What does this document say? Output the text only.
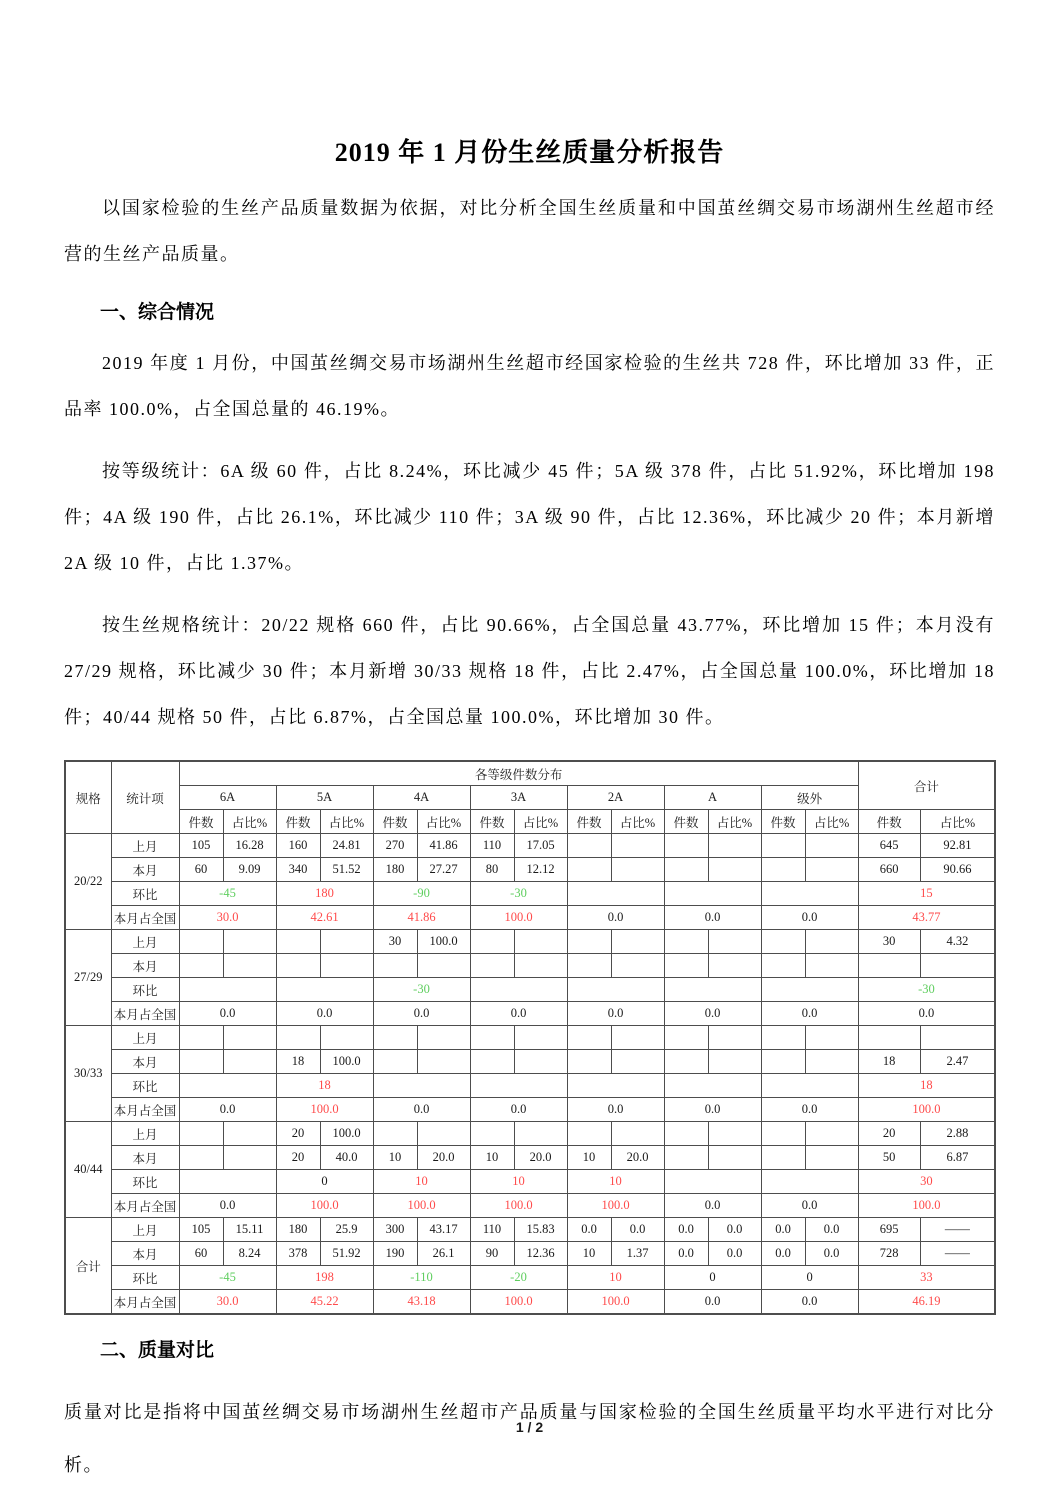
2019 年 1 月份生丝质量分析报告

以国家检验的生丝产品质量数据为依据，对比分析全国生丝质量和中国茧丝绸交易市场湖州生丝超市经营的生丝产品质量。

一、综合情况

2019 年度 1 月份，中国茧丝绸交易市场湖州生丝超市经国家检验的生丝共 728 件，环比增加 33 件，正品率 100.0%，占全国总量的 46.19%。

按等级统计：6A 级 60 件，占比 8.24%，环比减少 45 件；5A 级 378 件，占比 51.92%，环比增加 198 件；4A 级 190 件，占比 26.1%，环比减少 110 件；3A 级 90 件，占比 12.36%，环比减少 20 件；本月新增 2A 级 10 件，占比 1.37%。

按生丝规格统计：20/22 规格 660 件，占比 90.66%，占全国总量 43.77%，环比增加 15 件；本月没有 27/29 规格，环比减少 30 件；本月新增 30/33 规格 18 件，占比 2.47%，占全国总量 100.0%，环比增加 18 件；40/44 规格 50 件，占比 6.87%，占全国总量 100.0%，环比增加 30 件。

规格	统计项	各等级件数分布														合计	
		6A		5A		4A		3A		2A		A		级外			
		件数	占比%	件数	占比%	件数	占比%	件数	占比%	件数	占比%	件数	占比%	件数	占比%	件数	占比%
20/22	上月	105	16.28	160	24.81	270	41.86	110	17.05							645	92.81
	本月	60	9.09	340	51.52	180	27.27	80	12.12							660	90.66
	环比	-45		180		-90		-30								15	
	本月占全国	30.0		42.61		41.86		100.0		0.0		0.0		0.0		43.77	
27/29	上月					30	100.0									30	4.32
	本月																
	环比					-30										-30	
	本月占全国	0.0		0.0		0.0		0.0		0.0		0.0		0.0		0.0	
30/33	上月																
	本月			18	100.0											18	2.47
	环比			18												18	
	本月占全国	0.0		100.0		0.0		0.0		0.0		0.0		0.0		100.0	
40/44	上月			20	100.0											20	2.88
	本月			20	40.0	10	20.0	10	20.0	10	20.0					50	6.87
	环比			0		10		10		10						30	
	本月占全国	0.0		100.0		100.0		100.0		100.0		0.0		0.0		100.0	
合计	上月	105	15.11	180	25.9	300	43.17	110	15.83	0.0	0.0	0.0	0.0	0.0	0.0	695	——
	本月	60	8.24	378	51.92	190	26.1	90	12.36	10	1.37	0.0	0.0	0.0	0.0	728	——
	环比	-45		198		-110		-20		10		0		0		33	
	本月占全国	30.0		45.22		43.18		100.0		100.0		0.0		0.0		46.19	
二、质量对比

质量对比是指将中国茧丝绸交易市场湖州生丝超市产品质量与国家检验的全国生丝质量平均水平进行对比分析。

1 / 2
